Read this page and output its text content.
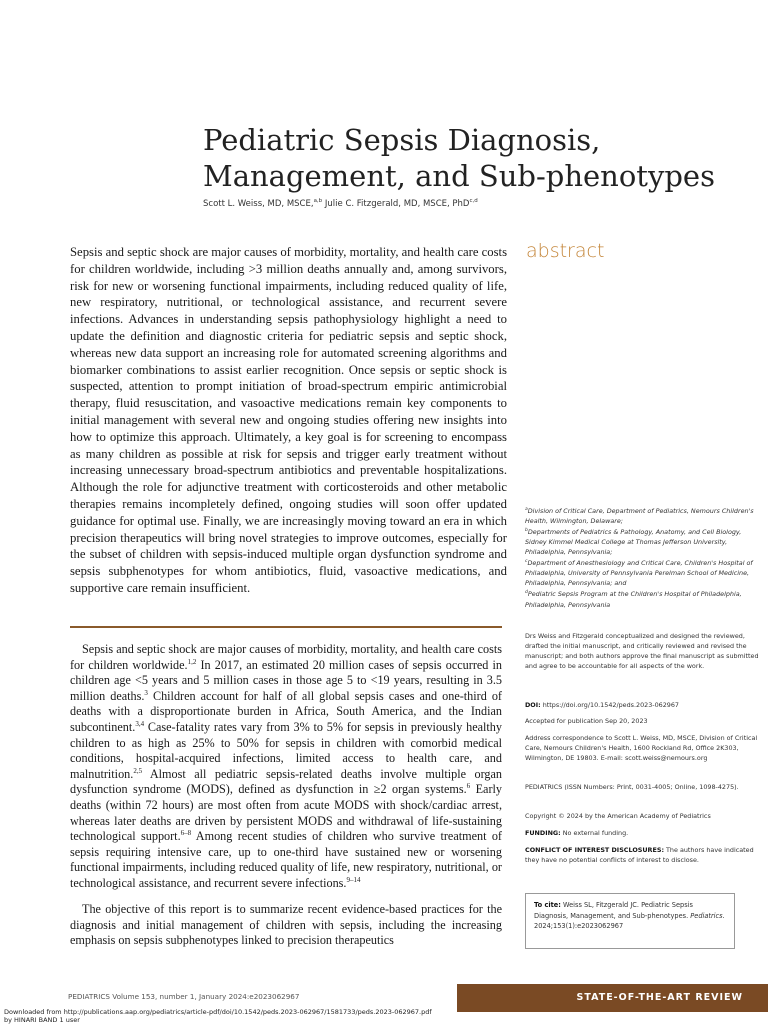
Pediatric Sepsis Diagnosis,
Management, and Sub-phenotypes
Scott L. Weiss, MD, MSCE,$^{a,b}$ Julie C. Fitzgerald, MD, MSCE, PhD$^{c,d}$
abstract

Sepsis and septic shock are major causes of morbidity, mortality, and health care costs for children worldwide, including >3 million deaths annually and, among survivors, risk for new or worsening functional impairments, including reduced quality of life, new respiratory, nutritional, or technological assistance, and recurrent severe infections. Advances in understanding sepsis pathophysiology highlight a need to update the definition and diagnostic criteria for pediatric sepsis and septic shock, whereas new data support an increasing role for automated screening algorithms and biomarker combinations to assist earlier recognition. Once sepsis or septic shock is suspected, attention to prompt initiation of broad-spectrum empiric antimicrobial therapy, fluid resuscitation, and vasoactive medications remain key components to initial management with several new and ongoing studies offering new insights into how to optimize this approach. Ultimately, a key goal is for screening to encompass as many children as possible at risk for sepsis and trigger early treatment without increasing unnecessary broad-spectrum antibiotics and preventable hospitalizations. Although the role for adjunctive treatment with corticosteroids and other metabolic therapies remains incompletely defined, ongoing studies will soon offer updated guidance for optimal use. Finally, we are increasingly moving toward an era in which precision therapeutics will bring novel strategies to improve outcomes, especially for the subset of children with sepsis-induced multiple organ dysfunction syndrome and sepsis subphenotypes for whom antibiotics, fluid, vasoactive medications, and supportive care remain insufficient.

Sepsis and septic shock are major causes of morbidity, mortality, and health care costs for children worldwide.$^{1,2}$ In 2017, an estimated 20 million cases of sepsis occurred in children age <5 years and 5 million cases in those age 5 to <19 years, resulting in 3.5 million deaths.$^3$ Children account for half of all global sepsis cases and one-third of deaths with a disproportionate burden in Africa, South America, and the Indian subcontinent.$^{3,4}$ Case-fatality rates vary from 3% to 5% for sepsis in previously healthy children to as high as 25% to 50% for sepsis in children with comorbid medical conditions, hospital-acquired infections, limited access to health care, and malnutrition.$^{2,5}$ Almost all pediatric sepsis-related deaths involve multiple organ dysfunction syndrome (MODS), defined as dysfunction in ≥2 organ systems.$^6$ Early deaths (within 72 hours) are most often from acute MODS with shock/cardiac arrest, whereas later deaths are driven by persistent MODS and withdrawal of life-sustaining technological support.$^{6-8}$ Among recent studies of children who survive treatment of sepsis requiring intensive care, up to one-third have sustained new or worsening functional impairments, including reduced quality of life, new respiratory, nutritional, or technological assistance, and recurrent severe infections.$^{9-14}$

The objective of this report is to summarize recent evidence-based practices for the diagnosis and initial management of children with sepsis, including the increasing emphasis on sepsis subphenotypes linked to precision therapeutics

$^a$Division of Critical Care, Department of Pediatrics, Nemours Children's Health, Wilmington, Delaware;

$^b$Departments of Pediatrics & Pathology, Anatomy, and Cell Biology, Sidney Kimmel Medical College at Thomas Jefferson University, Philadelphia, Pennsylvania;

$^c$Department of Anesthesiology and Critical Care, Children's Hospital of Philadelphia, University of Pennsylvania Perelman School of Medicine, Philadelphia, Pennsylvania; and

$^d$Pediatric Sepsis Program at the Children's Hospital of Philadelphia, Philadelphia, Pennsylvania

Drs Weiss and Fitzgerald conceptualized and designed the reviewed, drafted the initial manuscript, and critically reviewed and revised the manuscript; and both authors approve the final manuscript as submitted and agree to be accountable for all aspects of the work.

DOI: https://doi.org/10.1542/peds.2023-062967

Accepted for publication Sep 20, 2023

Address correspondence to Scott L. Weiss, MD, MSCE, Division of Critical Care, Nemours Children's Health, 1600 Rockland Rd, Office 2K303, Wilmington, DE 19803. E-mail: scott.weiss@nemours.org

PEDIATRICS (ISSN Numbers: Print, 0031-4005; Online, 1098-4275).

Copyright © 2024 by the American Academy of Pediatrics

FUNDING: No external funding.

CONFLICT OF INTEREST DISCLOSURES: The authors have indicated they have no potential conflicts of interest to disclose.

To cite: Weiss SL, Fitzgerald JC. Pediatric Sepsis Diagnosis, Management, and Sub-phenotypes. Pediatrics. 2024;153(1):e2023062967

PEDIATRICS Volume 153, number 1, January 2024:e2023062967	STATE-OF-THE-ART REVIEW
Downloaded from http://publications.aap.org/pediatrics/article-pdf/doi/10.1542/peds.2023-062967/1581733/peds.2023-062967.pdf
by HINARI BAND 1 user
